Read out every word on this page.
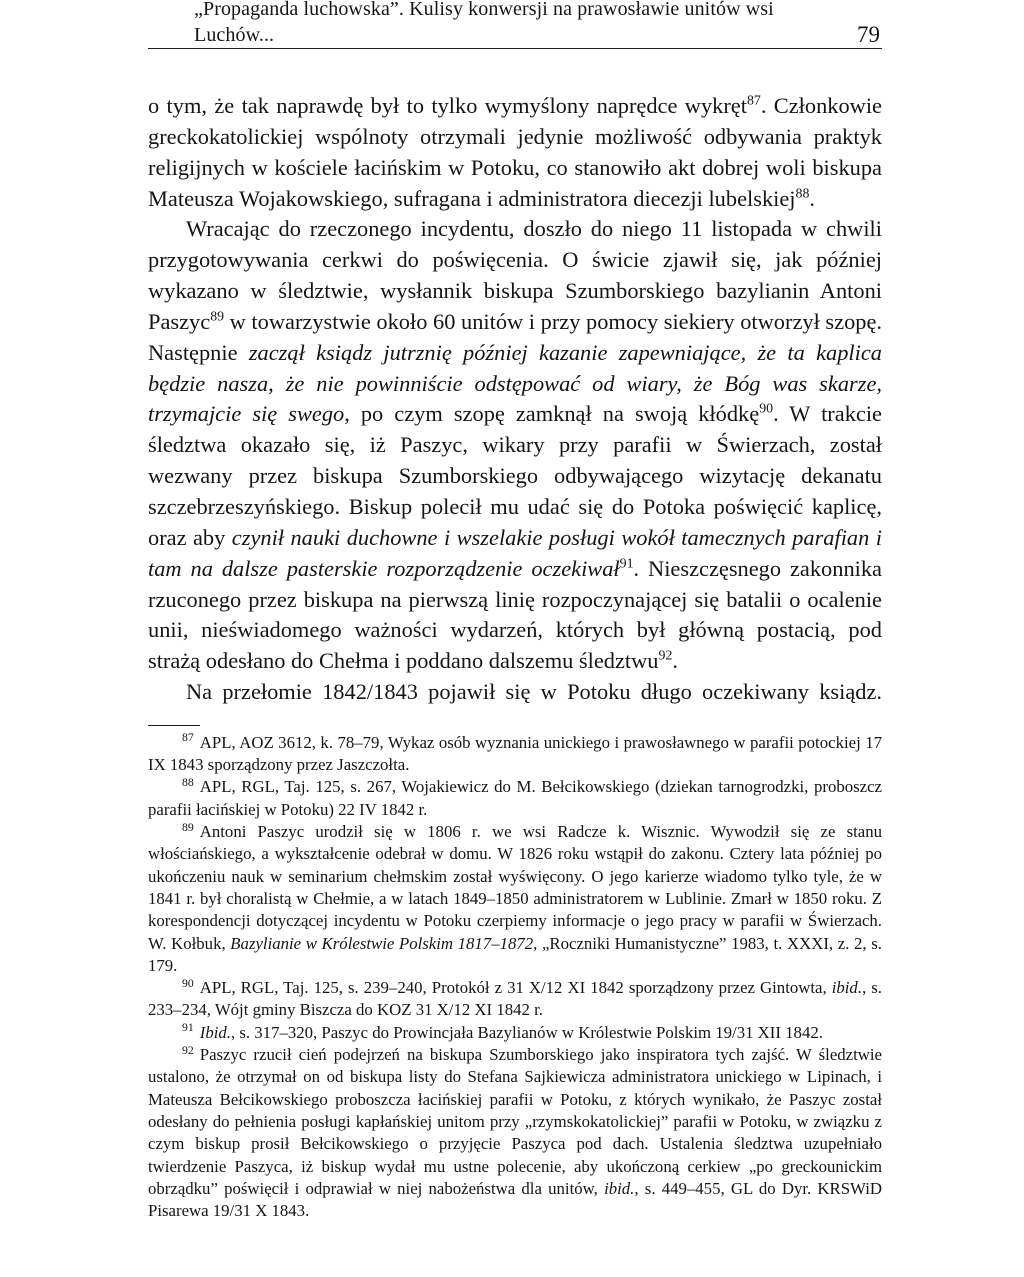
„Propaganda luchowska”. Kulisy konwersji na prawosławie unitów wsi Luchów...	79

o tym, że tak naprawdę był to tylko wymyślony naprędce wykręt$^{87}$. Członkowie greckokatolickiej wspólnoty otrzymali jedynie możliwość odbywania praktyk religijnych w kościele łacińskim w Potoku, co stanowiło akt dobrej woli biskupa Mateusza Wojakowskiego, sufragana i administratora diecezji lubelskiej$^{88}$.

Wracając do rzeczonego incydentu, doszło do niego 11 listopada w chwili przygotowywania cerkwi do poświęcenia. O świcie zjawił się, jak później wykazano w śledztwie, wysłannik biskupa Szumborskiego bazylianin Antoni Paszyc$^{89}$ w towarzystwie około 60 unitów i przy pomocy siekiery otworzył szopę. Następnie zaczął ksiądz jutrznię później kazanie zapewniające, że ta kaplica będzie nasza, że nie powinniście odstępować od wiary, że Bóg was skarze, trzymajcie się swego, po czym szopę zamknął na swoją kłódkę$^{90}$. W trakcie śledztwa okazało się, iż Paszyc, wikary przy parafii w Świerzach, został wezwany przez biskupa Szumborskiego odbywającego wizytację dekanatu szczebrzeszyńskiego. Biskup polecił mu udać się do Potoka poświęcić kaplicę, oraz aby czynił nauki duchowne i wszelakie posługi wokół tamecznych parafian i tam na dalsze pasterskie rozporządzenie oczekiwał$^{91}$. Nieszczęsnego zakonnika rzuconego przez biskupa na pierwszą linię rozpoczynającej się batalii o ocalenie unii, nieświadomego ważności wydarzeń, których był główną postacią, pod strażą odesłano do Chełma i poddano dalszemu śledztwu$^{92}$.

Na przełomie 1842/1843 pojawił się w Potoku długo oczekiwany ksiądz.

$^{87}$ APL, AOZ 3612, k. 78–79, Wykaz osób wyznania unickiego i prawosławnego w parafii potockiej 17 IX 1843 sporządzony przez Jaszczołta.

$^{88}$ APL, RGL, Taj. 125, s. 267, Wojakiewicz do M. Bełcikowskiego (dziekan tarnogrodzki, proboszcz parafii łacińskiej w Potoku) 22 IV 1842 r.

$^{89}$ Antoni Paszyc urodził się w 1806 r. we wsi Radcze k. Wisznic. Wywodził się ze stanu włościańskiego, a wykształcenie odebrał w domu. W 1826 roku wstąpił do zakonu. Cztery lata później po ukończeniu nauk w seminarium chełmskim został wyświęcony. O jego karierze wiadomo tylko tyle, że w 1841 r. był choralistą w Chełmie, a w latach 1849–1850 administratorem w Lublinie. Zmarł w 1850 roku. Z korespondencji dotyczącej incydentu w Potoku czerpiemy informacje o jego pracy w parafii w Świerzach. W. Kołbuk, Bazylianie w Królestwie Polskim 1817–1872, „Roczniki Humanistyczne” 1983, t. XXXI, z. 2, s. 179.

$^{90}$ APL, RGL, Taj. 125, s. 239–240, Protokół z 31 X/12 XI 1842 sporządzony przez Gintowta, ibid., s. 233–234, Wójt gminy Biszcza do KOZ 31 X/12 XI 1842 r.

$^{91}$ Ibid., s. 317–320, Paszyc do Prowincjała Bazylianów w Królestwie Polskim 19/31 XII 1842.

$^{92}$ Paszyc rzucił cień podejrzeń na biskupa Szumborskiego jako inspiratora tych zajść. W śledztwie ustalono, że otrzymał on od biskupa listy do Stefana Sajkiewicza administratora unickiego w Lipinach, i Mateusza Bełcikowskiego proboszcza łacińskiej parafii w Potoku, z których wynikało, że Paszyc został odesłany do pełnienia posługi kapłańskiej unitom przy „rzymskokatolickiej” parafii w Potoku, w związku z czym biskup prosił Bełcikowskiego o przyjęcie Paszyca pod dach. Ustalenia śledztwa uzupełniało twierdzenie Paszyca, iż biskup wydał mu ustne polecenie, aby ukończoną cerkiew „po greckounickim obrządku” poświęcił i odprawiał w niej nabożeństwa dla unitów, ibid., s. 449–455, GL do Dyr. KRSWiD Pisarewa 19/31 X 1843.
